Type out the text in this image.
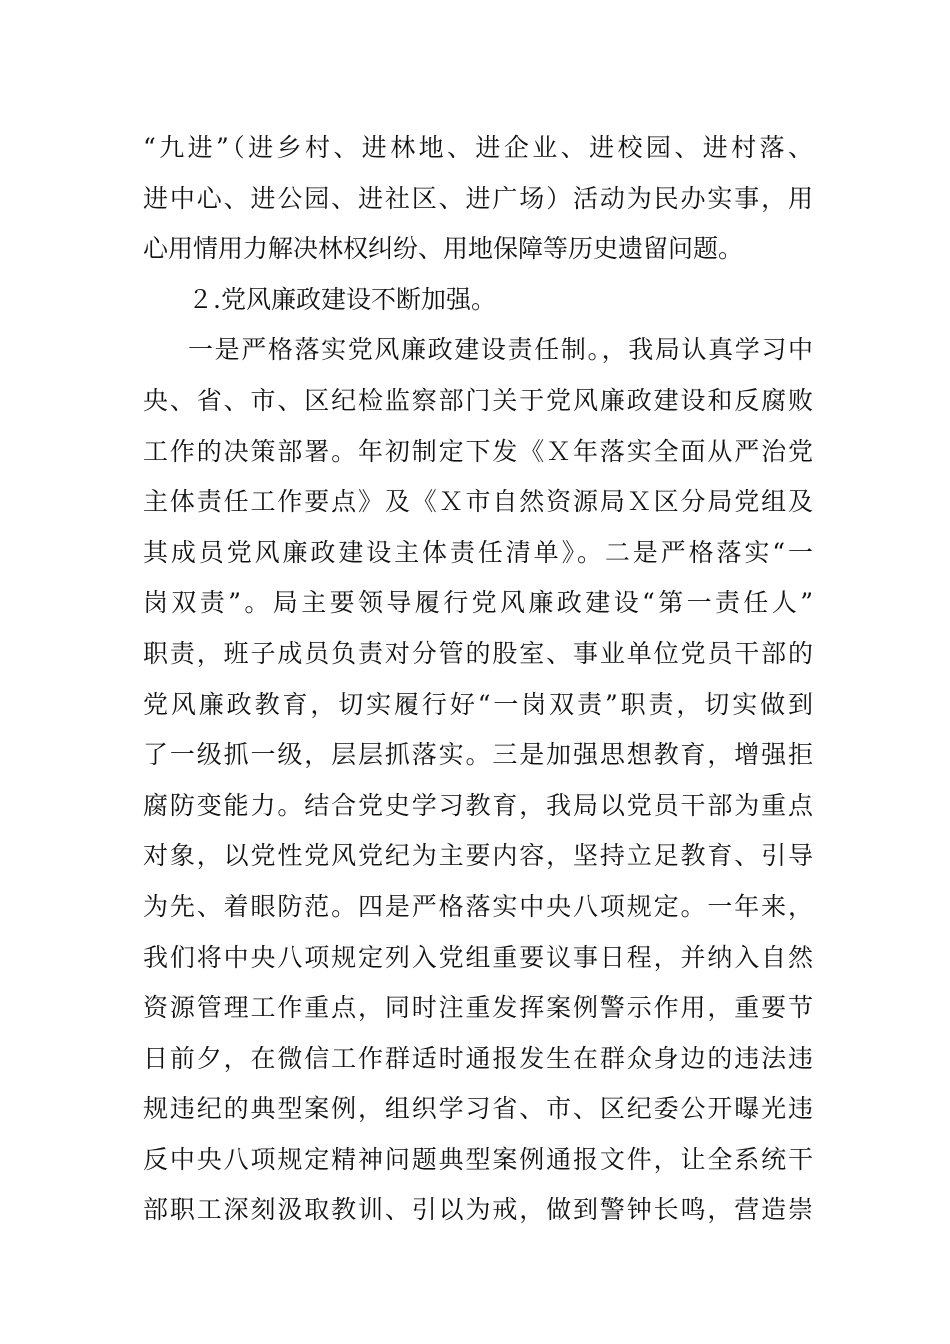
“九进”（进乡村、进林地、进企业、进校园、进村落、
进中心、进公园、进社区、进广场）活动为民办实事，用
心用情用力解决林权纠纷、用地保障等历史遗留问题。
２.党风廉政建设不断加强。
一是严格落实党风廉政建设责任制。，我局认真学习中
央、省、市、区纪检监察部门关于党风廉政建设和反腐败
工作的决策部署。年初制定下发《Ｘ年落实全面从严治党
主体责任工作要点》及《Ｘ市自然资源局Ｘ区分局党组及
其成员党风廉政建设主体责任清单》。二是严格落实“一
岗双责”。局主要领导履行党风廉政建设“第一责任人”
职责，班子成员负责对分管的股室、事业单位党员干部的
党风廉政教育，切实履行好“一岗双责”职责，切实做到
了一级抓一级，层层抓落实。三是加强思想教育，增强拒
腐防变能力。结合党史学习教育，我局以党员干部为重点
对象，以党性党风党纪为主要内容，坚持立足教育、引导
为先、着眼防范。四是严格落实中央八项规定。一年来，
我们将中央八项规定列入党组重要议事日程，并纳入自然
资源管理工作重点，同时注重发挥案例警示作用，重要节
日前夕，在微信工作群适时通报发生在群众身边的违法违
规违纪的典型案例，组织学习省、市、区纪委公开曝光违
反中央八项规定精神问题典型案例通报文件，让全系统干
部职工深刻汲取教训、引以为戒，做到警钟长鸣，营造崇
